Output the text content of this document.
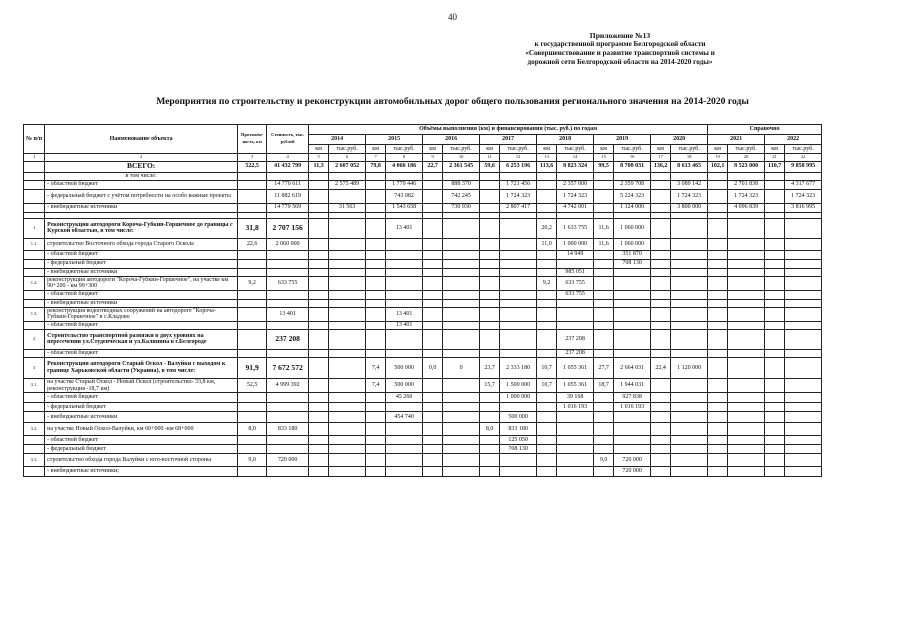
40
Приложение №13
к государственной программе Белгородской области
«Совершенствование и развитие транспортной системы и
дорожной сети Белгородской области на 2014-2020 годы»
Мероприятия по строительству и реконструкции автомобильных дорог общего пользования регионального значения на 2014-2020 годы
№ п/п	Наименование объекта	Протяжён-ность, км	Стоимость, тыс. рублей	Объёмы выполнения (км) и финансирования (тыс. руб.) по годам														Справочно			
				2014		2015		2016		2017		2018		2019		2020		2021		2022	
				км	тыс.руб.	км	тыс.руб.	км	тыс.руб.	км	тыс.руб.	км	тыс.руб.	км	тыс.руб.	км	тыс.руб.	км	тыс.руб.	км	тыс.руб.
1	2	3	4	5	6	7	8	9	10	11	12	13	14	15	16	17	18	19	20	21	22
	ВСЕГО:	522,5	41 432 799	11,3	2 607 052	79,8	4 066 186	22,7	2 361 545	59,6	6 253 196	113,6	8 823 324	99,5	8 708 031	136,2	8 613 465	102,1	8 523 000	110,7	9 858 995
	в том числе:																				
	- областной бюджет		14 770 611		2 575 489		1 779 446		888 370		1 721 456		2 357 000		2 359 708		3 089 142		2 701 838		4 317 677
	- федеральный бюджет с учётом потребности на особо важные проекты		11 882 619				743 082		742 245		1 724 323		1 724 323		5 224 323		1 724 323		1 724 323		1 724 323
	- внебюджетные источники		14 779 569		31 563		1 543 658		730 930		2 807 417		4 742 001		1 124 000		3 800 000		4 096 839		3 816 995

1	Реконструкция автодороги Короча-Губкин-Горшечное до границы с Курской областью, в том числе:	31,8	2 707 156				13 401					20,2	1 633 755	11,6	1 060 000						
1.1.	строительство Восточного обхода города Старого Оскола	22,6	2 060 000									11,0	1 000 000	11,6	1 060 000						
	- областной бюджет												14 949		351 870						
	- федеральный бюджет														708 130						
	- внебюджетные источники												985 051								
1.2.	реконструкция автодороги "Короча-Губкин-Горшечное", на участке км 90+200 - км 99+300	9,2	633 755									9,2	633 755								
	- областной бюджет												633 755								
	- внебюджетные источники																				
1.3.	реконструкция водоотводных сооружений на автодороге "Короча-Губкин-Горшечное" в с.Кладово		13 401				13 401														
	- областной бюджет						13 401														
2	Строительство транспортной развязки в двух уровнях на пересечении ул.Студенческая и ул.Калинина в г.Белгороде		237 208										237 208								
	- областной бюджет												237 208								
3	Реконструкция автодороги Старый Оскол - Валуйки с выходом к границе Харьковской области (Украина), в том числе:	91,9	7 672 572			7,4	500 000	0,0	0	23,7	2 333 180	10,7	1 055 361	27,7	2 664 031	22,4	1 120 000				
3.1.	на участке Старый Оскол - Новый Оскол (строительство- 33,8 км, реконструкция -18,7 км)	52,5	4 999 392			7,4	500 000			15,7	1 500 000	10,7	1 055 361	18,7	1 944 031						
	- областной бюджет						45 260				1 000 000		39 168		927 838						
	- федеральный бюджет												1 016 193		1 016 193						
	- внебюджетные источники						454 740				500 000										
3.2.	на участке Новый Оскол-Валуйки, км 60+000 -км 68+000	8,0	833 180							8,0	833 180										
	- областной бюджет										125 050										
	- федеральный бюджет										708 130										
3.3.	строительство обхода города Валуйки с юго-восточной стороны	9,0	720 000											9,0	720 000						
	- внебюджетные источники;														720 000						
